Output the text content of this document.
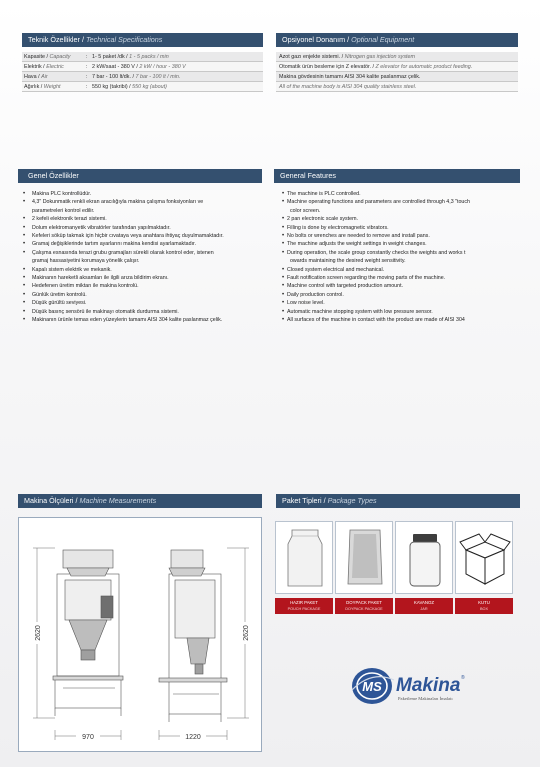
Teknik Özellikler / Technical Specifications
Kapasite / Capacity	: 1- 5 paket /dk / 1 - 5 packs / min
Elektrik / Electric	: 2 kW/saat - 380 V / 2 kW / hour - 380 V
Hava / Air	: 7 bar - 100 lt/dk. / 7 bar - 100 lt / min.
Ağırlık / Weight	: 550 kg (takribi) / 550 kg (about)
Opsiyonel Donanım / Optional Equipment
Azot gazı enjekte sistemi. / Nitrogen gas injection system
Otomatik ürün besleme için Z elevatör. / Z elevator for automatic product feeding.
Makina gövdesinin tamamı AISI 304 kalite paslanmaz çelik.
All of the machine body is AISI 304 quality stainless steel.
Genel Özellikler
• Makina PLC kontrollüdür.
• 4,3" Dokunmatik renkli ekran aracılığıyla makina çalışma fonksiyonları ve
parametreleri kontrol edilir.
• 2 kefeli elektronik terazi sistemi.
• Dolum elektromanyetik vibratörler tarafından yapılmaktadır.
• Kefeleri söküp takmak için hiçbir cıvataya veya anahtara ihtiyaç duyulmamaktadır.
• Gramaj değişiklerinde tartım ayarlarını makina kendisi ayarlamaktadır.
• Çalışma esnasında terazi grubu gramajları sürekli olarak kontrol eder, istenen
gramaj hassasiyetini korumaya yönelik çalışır.
• Kapalı sistem elektrik ve mekanik.
• Makinanın hareketli aksamları ile ilgili arıza bildirim ekranı.
• Hedefenen üretim miktarı ile makina kontrolü.
• Günlük üretim kontrolü.
• Düşük gürültü seviyesi.
• Düşük basınç sensörü ile makinayı otomatik durdurma sistemi.
• Makinanın ürünle temas eden yüzeylerin tamamı AISI 304 kalite paslanmaz çelik.
General Features
• The machine is PLC controlled.
• Machine operating functions and parameters are controlled through 4,3 "touch
color screen.
• 2 pan electronic scale system.
• Filling is done by electromagnetic vibrators.
• No bolts or wrenches are needed to remove and install pans.
• The machine adjusts the weight settings in weight changes.
• During operation, the scale group constantly checks the weights and works t
owards maintaining the desired weight sensitivity.
• Closed system electrical and mechanical.
• Fault notification screen regarding the moving parts of the machine.
• Machine control with targeted production amount.
• Daily production control.
• Low noise level.
• Automatic machine stopping system with low pressure sensor.
• All surfaces of the machine in contact with the product are made of AISI 304
Makina Ölçüleri / Machine Measurements
2620	2620
970	1220
Paket Tipleri / Package Types
HAZIR PAKET
POUCH PACKAGE
DOYPACK PAKET
DOYPACK PACKAGE
KAVANOZ
JAR
KUTU
BOX
MS Makina ®
Paketleme Makinaları İmalatı
